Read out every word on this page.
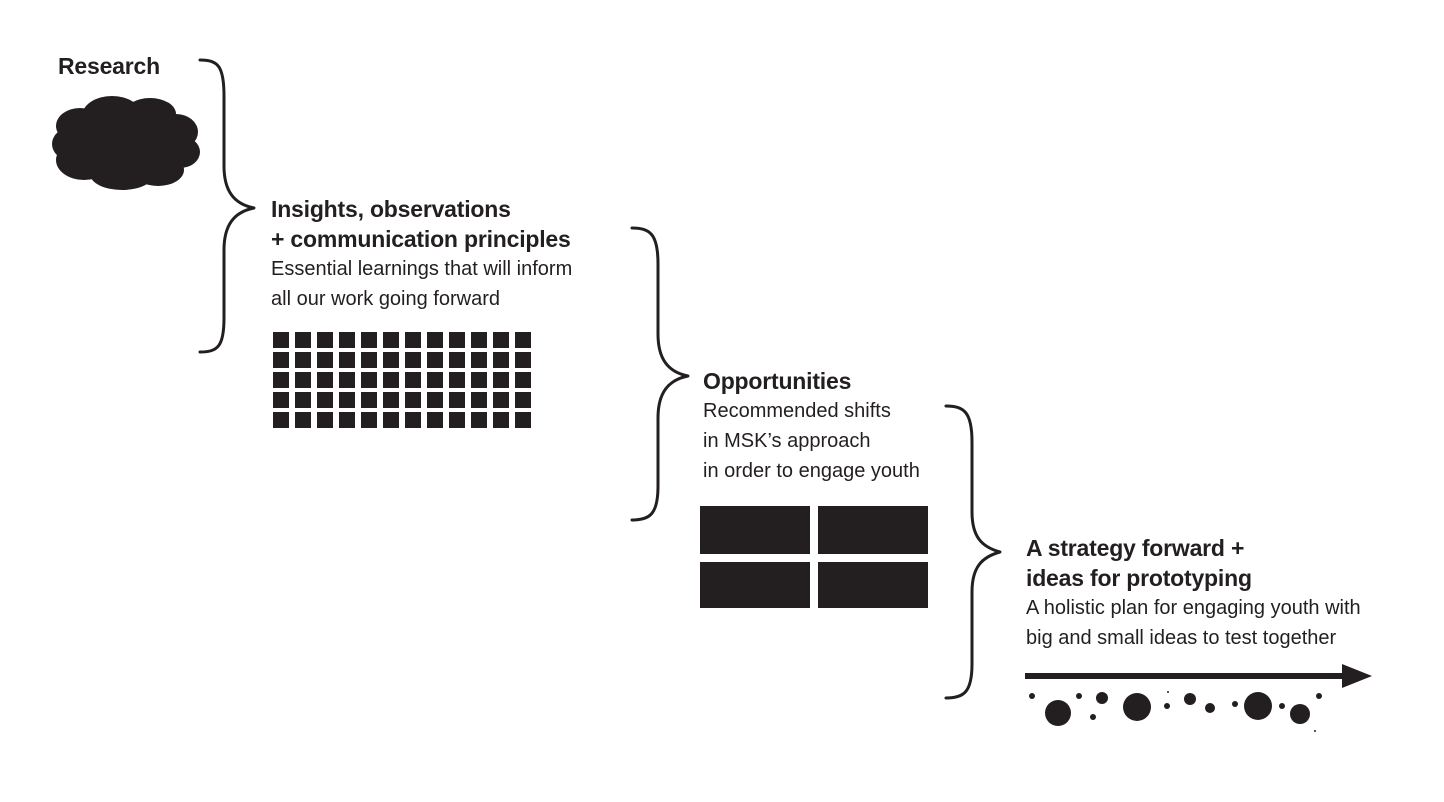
Research
Insights, observations
+ communication principles
Essential learnings that will inform
all our work going forward
Opportunities
Recommended shifts
in MSK’s approach
in order to engage youth
A strategy forward +
ideas for prototyping
A holistic plan for engaging youth with
big and small ideas to test together
